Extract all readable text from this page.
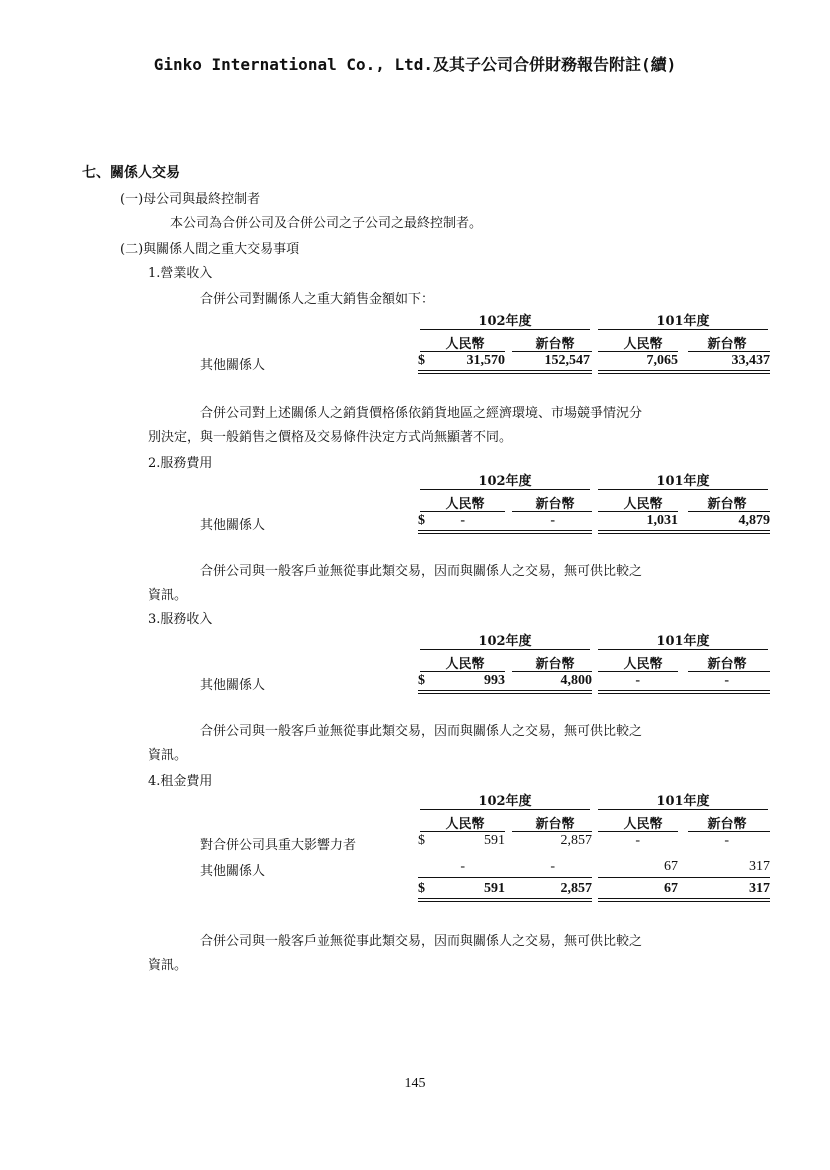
Ginko International Co., Ltd.及其子公司合併財務報告附註(續)
七、關係人交易
(一)母公司與最終控制者
本公司為合併公司及合併公司之子公司之最終控制者。
(二)與關係人間之重大交易事項
1.營業收入
合併公司對關係人之重大銷售金額如下：
102年度	101年度
人民幣	新台幣	人民幣	新台幣
其他關係人	$	31,570	152,547	7,065	33,437
合併公司對上述關係人之銷貨價格係依銷貨地區之經濟環境、市場競爭情況分
別決定，與一般銷售之價格及交易條件決定方式尚無顯著不同。
2.服務費用
102年度	101年度
人民幣	新台幣	人民幣	新台幣
其他關係人	$	-	-	1,031	4,879
合併公司與一般客戶並無從事此類交易，因而與關係人之交易，無可供比較之
資訊。
3.服務收入
102年度	101年度
人民幣	新台幣	人民幣	新台幣
其他關係人	$	993	4,800	-	-
合併公司與一般客戶並無從事此類交易，因而與關係人之交易，無可供比較之
資訊。
4.租金費用
102年度	101年度
人民幣	新台幣	人民幣	新台幣
對合併公司具重大影響力者	$	591	2,857	-	-
其他關係人	-	-	67	317
$	591	2,857	67	317
合併公司與一般客戶並無從事此類交易，因而與關係人之交易，無可供比較之
資訊。
145
